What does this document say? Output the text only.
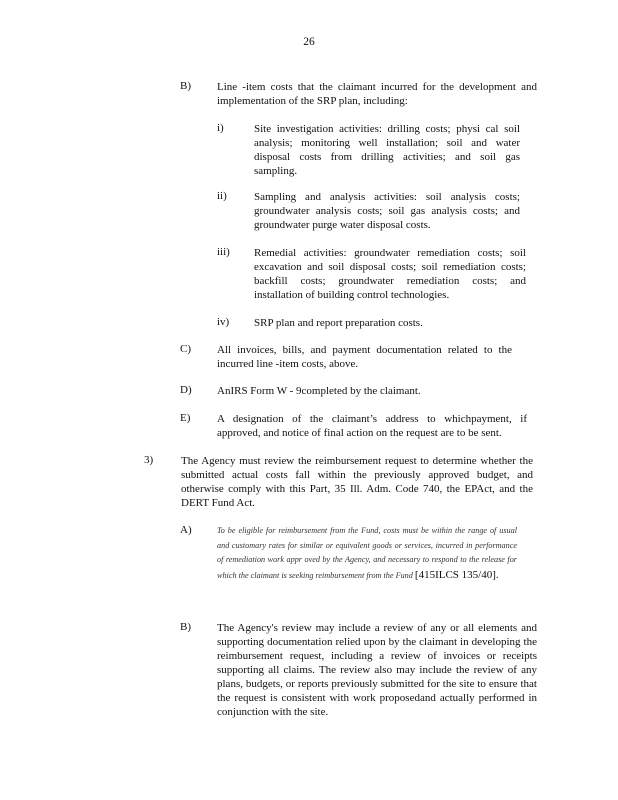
26
B) Line -item costs that the claimant incurred for the development and implementation of the SRP plan, including:
i)	Site investigation activities: drilling costs; physi cal soil analysis; monitoring well installation; soil and water disposal costs from drilling activities; and soil gas sampling.
ii) Sampling and analysis activities: soil analysis costs; groundwater analysis costs; soil gas analysis costs; and groundwater purge water disposal costs.
iii) Remedial activities: groundwater remediation costs; soil excavation and soil disposal costs; soil remediation costs; backfill costs; groundwater remediation costs; and installation of building control technologies.
iv) SRP plan and report preparation costs.
C) All invoices, bills, and payment documentation related to the incurred line -item costs, above.
D) AnIRS Form W - 9completed by the claimant.
E) A designation of the claimant’s address to whichpayment, if approved, and notice of final action on the request are to be sent.
3)	The Agency must review the reimbursement request to determine whether the submitted actual costs fall within the previously approved budget, and otherwise comply with this Part, 35 Ill. Adm. Code 740, the EPAct, and the DERT Fund Act.
A)	To be eligible for reimbursement from the Fund, costs must be within the range of usual and customary rates for similar or equivalent goods or services, incurred in performance of remediation work appr oved by the Agency, and necessary to respond to the release for which the claimant is seeking reimbursement from the Fund [415ILCS 135/40].
B) The Agency's review may include a review of any or all elements and supporting documentation relied upon by the claimant in developing the reimbursement request, including a review of invoices or receipts supporting all claims. The review also may include the review of any plans, budgets, or reports previously submitted for the site to ensure that the request is consistent with work proposedand actually performed in conjunction with the site.
